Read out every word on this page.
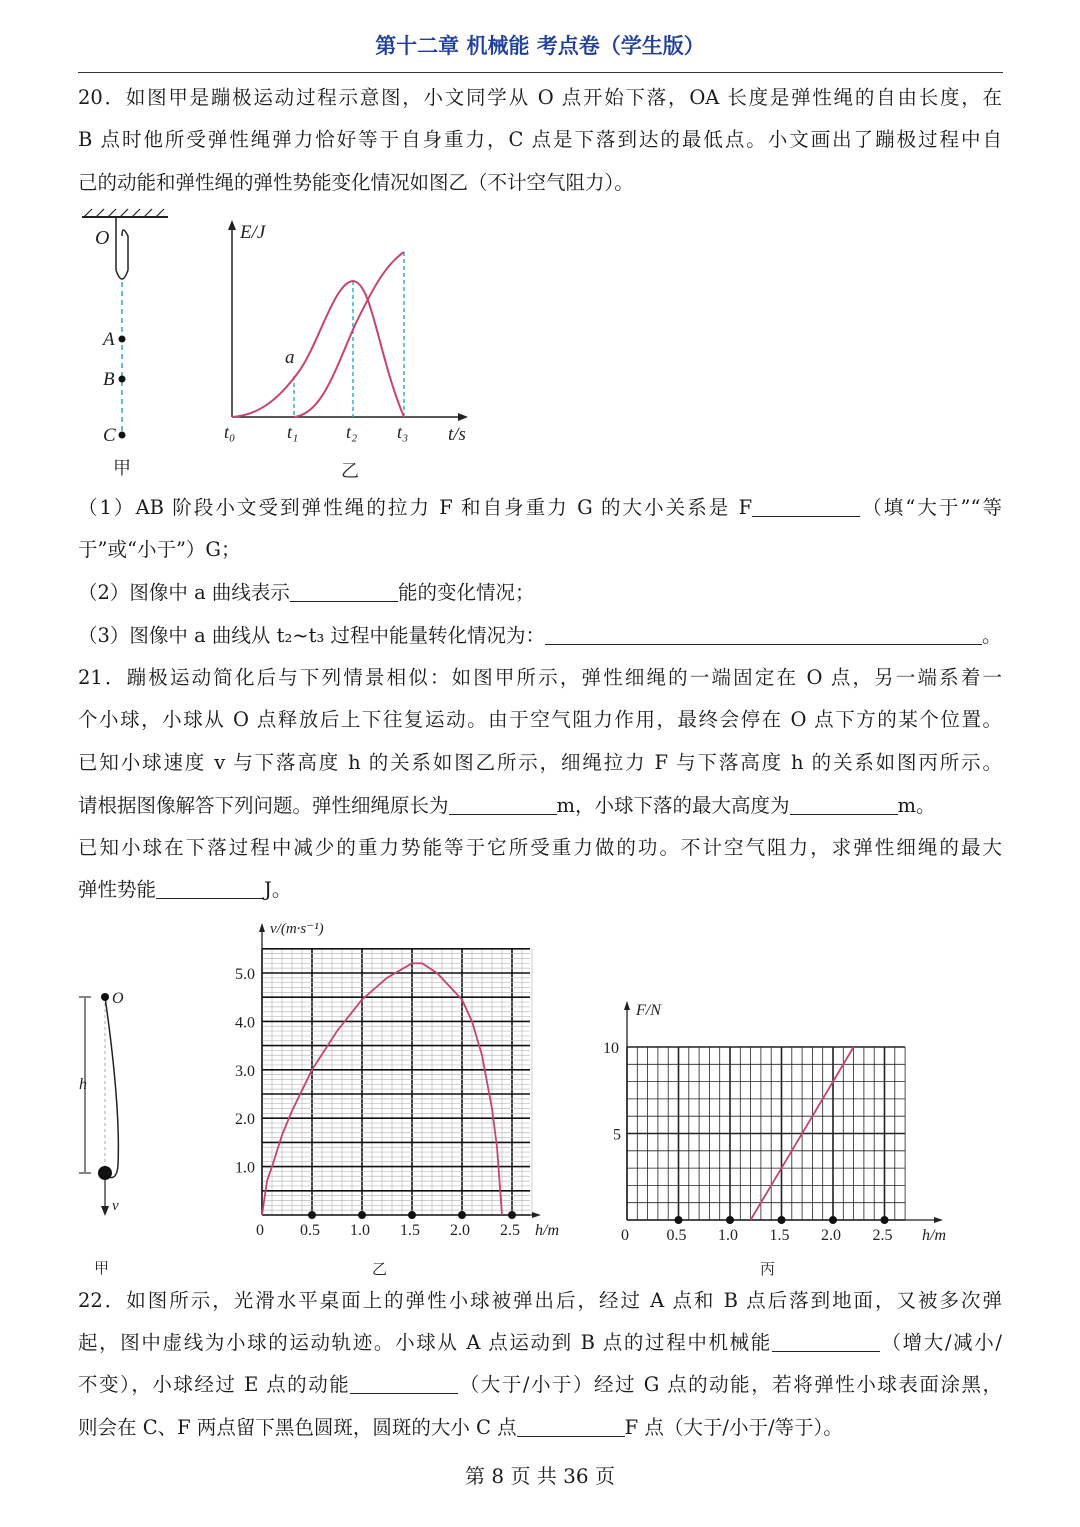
第十二章 机械能 考点卷（学生版）
20．如图甲是蹦极运动过程示意图，小文同学从 O 点开始下落，OA 长度是弹性绳的自由长度，在
B 点时他所受弹性绳弹力恰好等于自身重力，C 点是下落到达的最低点。小文画出了蹦极过程中自
己的动能和弹性绳的弹性势能变化情况如图乙（不计空气阻力）。
（1）AB 阶段小文受到弹性绳的拉力 F 和自身重力 G 的大小关系是 F	（填“大于”“等
于”或“小于”）G；
（2）图像中 a 曲线表示	能的变化情况；
（3）图像中 a 曲线从 t₂~t₃ 过程中能量转化情况为：	。
21．蹦极运动简化后与下列情景相似：如图甲所示，弹性细绳的一端固定在 O 点，另一端系着一
个小球，小球从 O 点释放后上下往复运动。由于空气阻力作用，最终会停在 O 点下方的某个位置。
已知小球速度 v 与下落高度 h 的关系如图乙所示，细绳拉力 F 与下落高度 h 的关系如图丙所示。
请根据图像解答下列问题。弹性细绳原长为	m，小球下落的最大高度为	m。
已知小球在下落过程中减少的重力势能等于它所受重力做的功。不计空气阻力，求弹性细绳的最大
弹性势能	J。
22．如图所示，光滑水平桌面上的弹性小球被弹出后，经过 A 点和 B 点后落到地面，又被多次弹
起，图中虚线为小球的运动轨迹。小球从 A 点运动到 B 点的过程中机械能	（增大/减小/
不变），小球经过 E 点的动能	（大于/小于）经过 G 点的动能，若将弹性小球表面涂黑，
则会在 C、F 两点留下黑色圆斑，圆斑的大小 C 点	F 点（大于/小于/等于）。
第 8 页 共 36 页
O
A
B
C
甲
E/J
t/s
t₀	t₁	t₂ t₃
a
乙
O
h
v
甲
v/(m·s⁻¹)
h/m
1.0
2.0
3.0
4.0
5.0
0 0.5 1.0 1.5 2.0 2.5
乙
F/N
h/m
5
10
0 0.5 1.0 1.5 2.0 2.5
丙
